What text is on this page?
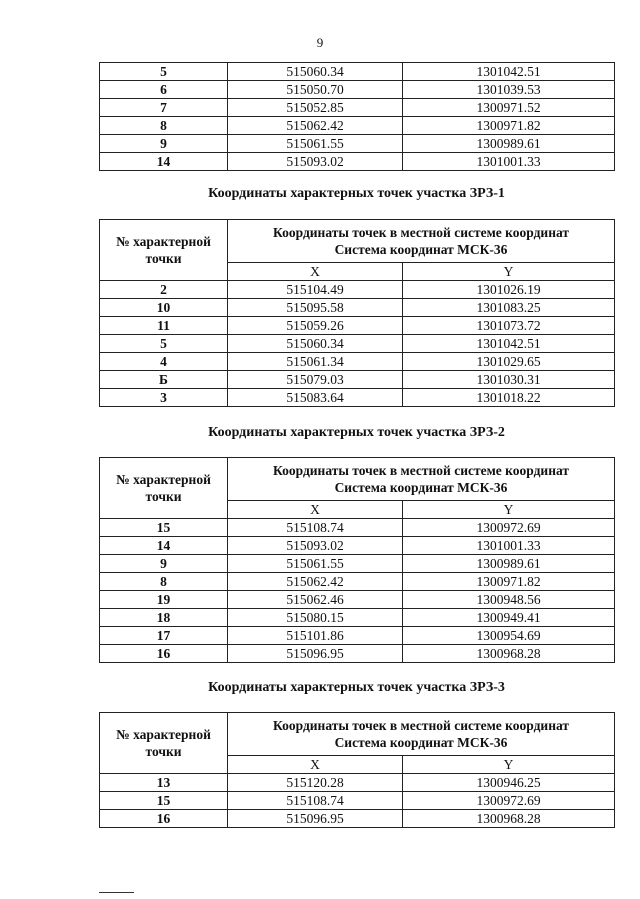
9
5	515060.34	1301042.51
6	515050.70	1301039.53
7	515052.85	1300971.52
8	515062.42	1300971.82
9	515061.55	1300989.61
14	515093.02	1301001.33
Координаты характерных точек участка ЗРЗ-1
№ характерной точки	Координаты точек в местной системе координат
Система координат МСК-36	

	X	Y
2	515104.49	1301026.19
10	515095.58	1301083.25
11	515059.26	1301073.72
5	515060.34	1301042.51
4	515061.34	1301029.65
Б	515079.03	1301030.31
3	515083.64	1301018.22
Координаты характерных точек участка ЗРЗ-2
№ характерной точки	Координаты точек в местной системе координат
Система координат МСК-36	

	X	Y
15	515108.74	1300972.69
14	515093.02	1301001.33
9	515061.55	1300989.61
8	515062.42	1300971.82
19	515062.46	1300948.56
18	515080.15	1300949.41
17	515101.86	1300954.69
16	515096.95	1300968.28
Координаты характерных точек участка ЗРЗ-3
№ характерной точки	Координаты точек в местной системе координат
Система координат МСК-36	

	X	Y
13	515120.28	1300946.25
15	515108.74	1300972.69
16	515096.95	1300968.28
